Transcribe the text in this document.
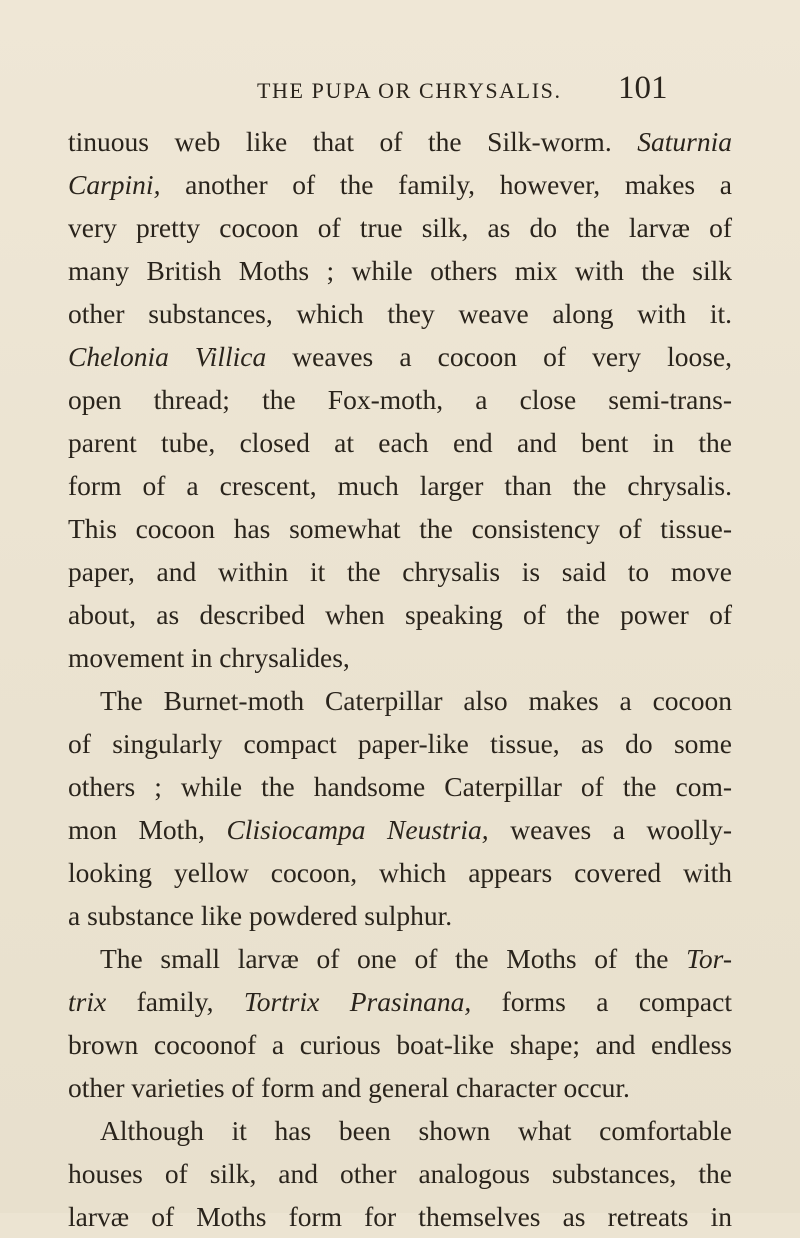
THE PUPA OR CHRYSALIS. 101
tinuous web like that of the Silk-worm. Saturnia
Carpini, another of the family, however, makes a
very pretty cocoon of true silk, as do the larvæ of
many British Moths ; while others mix with the silk
other substances, which they weave along with it.
Chelonia Villica weaves a cocoon of very loose,
open thread; the Fox-moth, a close semi-trans-
parent tube, closed at each end and bent in the
form of a crescent, much larger than the chrysalis.
This cocoon has somewhat the consistency of tissue-
paper, and within it the chrysalis is said to move
about, as described when speaking of the power of
movement in chrysalides,
The Burnet-moth Caterpillar also makes a cocoon
of singularly compact paper-like tissue, as do some
others ; while the handsome Caterpillar of the com-
mon Moth, Clisiocampa Neustria, weaves a woolly-
looking yellow cocoon, which appears covered with
a substance like powdered sulphur.
The small larvæ of one of the Moths of the Tor-
trix family, Tortrix Prasinana, forms a compact
brown cocoonof a curious boat-like shape; and endless
other varieties of form and general character occur.
Although it has been shown what comfortable
houses of silk, and other analogous substances, the
larvæ of Moths form for themselves as retreats in
